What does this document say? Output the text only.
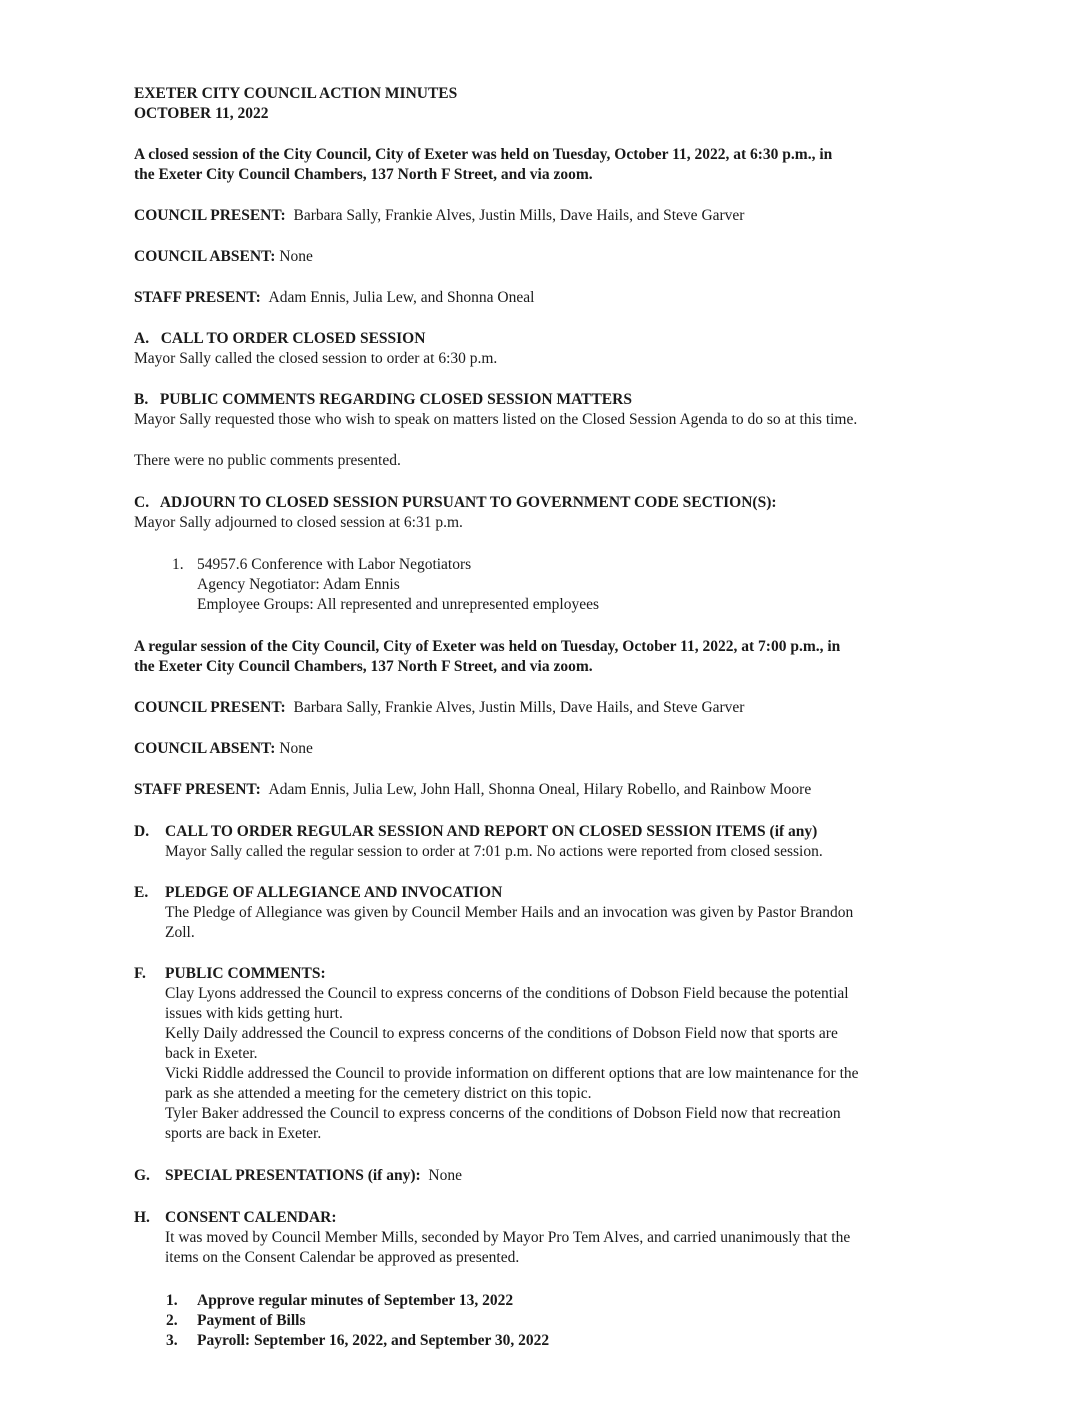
EXETER CITY COUNCIL ACTION MINUTES

OCTOBER 11, 2022

A closed session of the City Council, City of Exeter was held on Tuesday, October 11, 2022, at 6:30 p.m., in

the Exeter City Council Chambers, 137 North F Street, and via zoom.

COUNCIL PRESENT: Barbara Sally, Frankie Alves, Justin Mills, Dave Hails, and Steve Garver

COUNCIL ABSENT: None

STAFF PRESENT: Adam Ennis, Julia Lew, and Shonna Oneal

A.   CALL TO ORDER CLOSED SESSION

Mayor Sally called the closed session to order at 6:30 p.m.

B.   PUBLIC COMMENTS REGARDING CLOSED SESSION MATTERS

Mayor Sally requested those who wish to speak on matters listed on the Closed Session Agenda to do so at this time.

There were no public comments presented.

C.   ADJOURN TO CLOSED SESSION PURSUANT TO GOVERNMENT CODE SECTION(S):

Mayor Sally adjourned to closed session at 6:31 p.m.

1. 54957.6 Conference with Labor Negotiators

Agency Negotiator: Adam Ennis

Employee Groups: All represented and unrepresented employees

A regular session of the City Council, City of Exeter was held on Tuesday, October 11, 2022, at 7:00 p.m., in

the Exeter City Council Chambers, 137 North F Street, and via zoom.

COUNCIL PRESENT: Barbara Sally, Frankie Alves, Justin Mills, Dave Hails, and Steve Garver

COUNCIL ABSENT: None

STAFF PRESENT: Adam Ennis, Julia Lew, John Hall, Shonna Oneal, Hilary Robello, and Rainbow Moore

D. CALL TO ORDER REGULAR SESSION AND REPORT ON CLOSED SESSION ITEMS (if any)

Mayor Sally called the regular session to order at 7:01 p.m. No actions were reported from closed session.

E. PLEDGE OF ALLEGIANCE AND INVOCATION

The Pledge of Allegiance was given by Council Member Hails and an invocation was given by Pastor Brandon

Zoll.

F. PUBLIC COMMENTS:

Clay Lyons addressed the Council to express concerns of the conditions of Dobson Field because the potential

issues with kids getting hurt.

Kelly Daily addressed the Council to express concerns of the conditions of Dobson Field now that sports are

back in Exeter.

Vicki Riddle addressed the Council to provide information on different options that are low maintenance for the

park as she attended a meeting for the cemetery district on this topic.

Tyler Baker addressed the Council to express concerns of the conditions of Dobson Field now that recreation

sports are back in Exeter.

G. SPECIAL PRESENTATIONS (if any): None

H. CONSENT CALENDAR:

It was moved by Council Member Mills, seconded by Mayor Pro Tem Alves, and carried unanimously that the

items on the Consent Calendar be approved as presented.

1. Approve regular minutes of September 13, 2022

2. Payment of Bills

3. Payroll: September 16, 2022, and September 30, 2022
